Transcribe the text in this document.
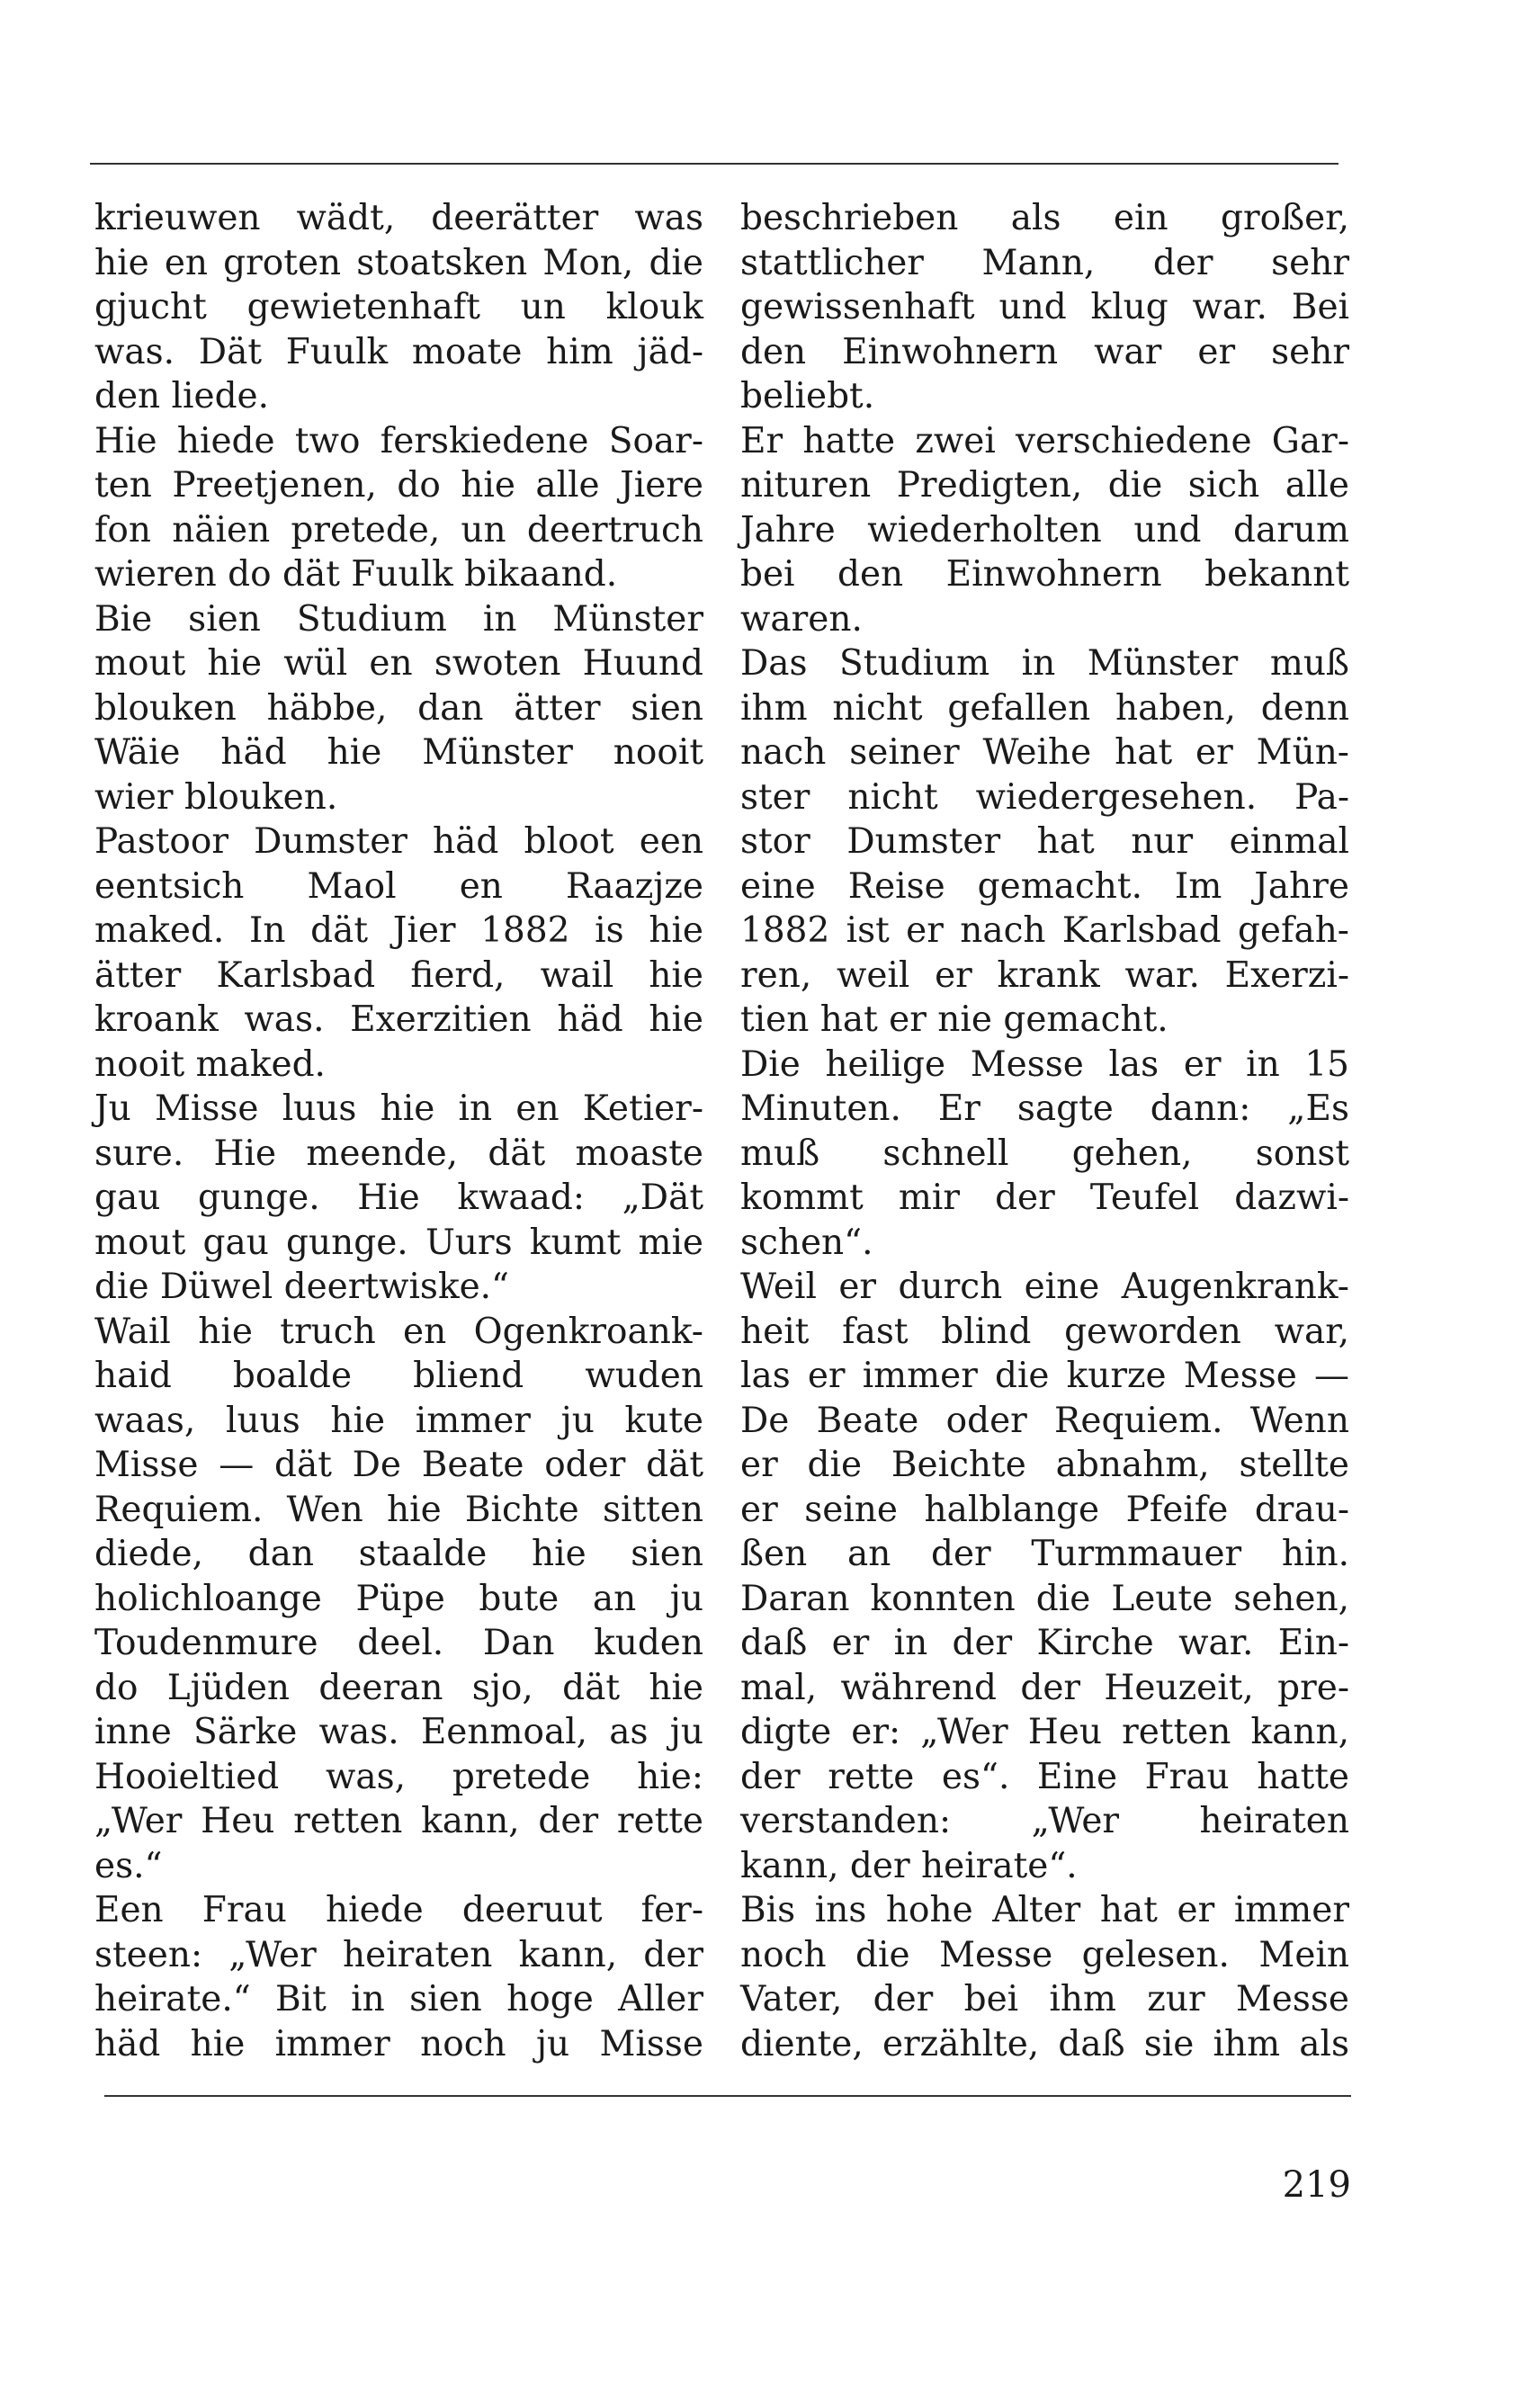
krieuwen wädt, deerätter was
hie en groten stoatsken Mon, die
gjucht gewietenhaft un klouk
was. Dät Fuulk moate him jäd-
den liede.
Hie hiede two ferskiedene Soar-
ten Preetjenen, do hie alle Jiere
fon näien pretede, un deertruch
wieren do dät Fuulk bikaand.
Bie sien Studium in Münster
mout hie wül en swoten Huund
blouken häbbe, dan ätter sien
Wäie häd hie Münster nooit
wier blouken.
Pastoor Dumster häd bloot een
eentsich Maol en Raazjze
maked. In dät Jier 1882 is hie
ätter Karlsbad fierd, wail hie
kroank was. Exerzitien häd hie
nooit maked.
Ju Misse luus hie in en Ketier-
sure. Hie meende, dät moaste
gau gunge. Hie kwaad: „Dät
mout gau gunge. Uurs kumt mie
die Düwel deertwiske.“
Wail hie truch en Ogenkroank-
haid boalde bliend wuden
waas, luus hie immer ju kute
Misse — dät De Beate oder dät
Requiem. Wen hie Bichte sitten
diede, dan staalde hie sien
holichloange Püpe bute an ju
Toudenmure deel. Dan kuden
do Ljüden deeran sjo, dät hie
inne Särke was. Eenmoal, as ju
Hooieltied was, pretede hie:
„Wer Heu retten kann, der rette
es.“
Een Frau hiede deeruut fer-
steen: „Wer heiraten kann, der
heirate.“ Bit in sien hoge Aller
häd hie immer noch ju Misse
beschrieben als ein großer,
stattlicher Mann, der sehr
gewissenhaft und klug war. Bei
den Einwohnern war er sehr
beliebt.
Er hatte zwei verschiedene Gar-
nituren Predigten, die sich alle
Jahre wiederholten und darum
bei den Einwohnern bekannt
waren.
Das Studium in Münster muß
ihm nicht gefallen haben, denn
nach seiner Weihe hat er Mün-
ster nicht wiedergesehen. Pa-
stor Dumster hat nur einmal
eine Reise gemacht. Im Jahre
1882 ist er nach Karlsbad gefah-
ren, weil er krank war. Exerzi-
tien hat er nie gemacht.
Die heilige Messe las er in 15
Minuten. Er sagte dann: „Es
muß schnell gehen, sonst
kommt mir der Teufel dazwi-
schen“.
Weil er durch eine Augenkrank-
heit fast blind geworden war,
las er immer die kurze Messe —
De Beate oder Requiem. Wenn
er die Beichte abnahm, stellte
er seine halblange Pfeife drau-
ßen an der Turmmauer hin.
Daran konnten die Leute sehen,
daß er in der Kirche war. Ein-
mal, während der Heuzeit, pre-
digte er: „Wer Heu retten kann,
der rette es“. Eine Frau hatte
verstanden: „Wer heiraten
kann, der heirate“.
Bis ins hohe Alter hat er immer
noch die Messe gelesen. Mein
Vater, der bei ihm zur Messe
diente, erzählte, daß sie ihm als
219
